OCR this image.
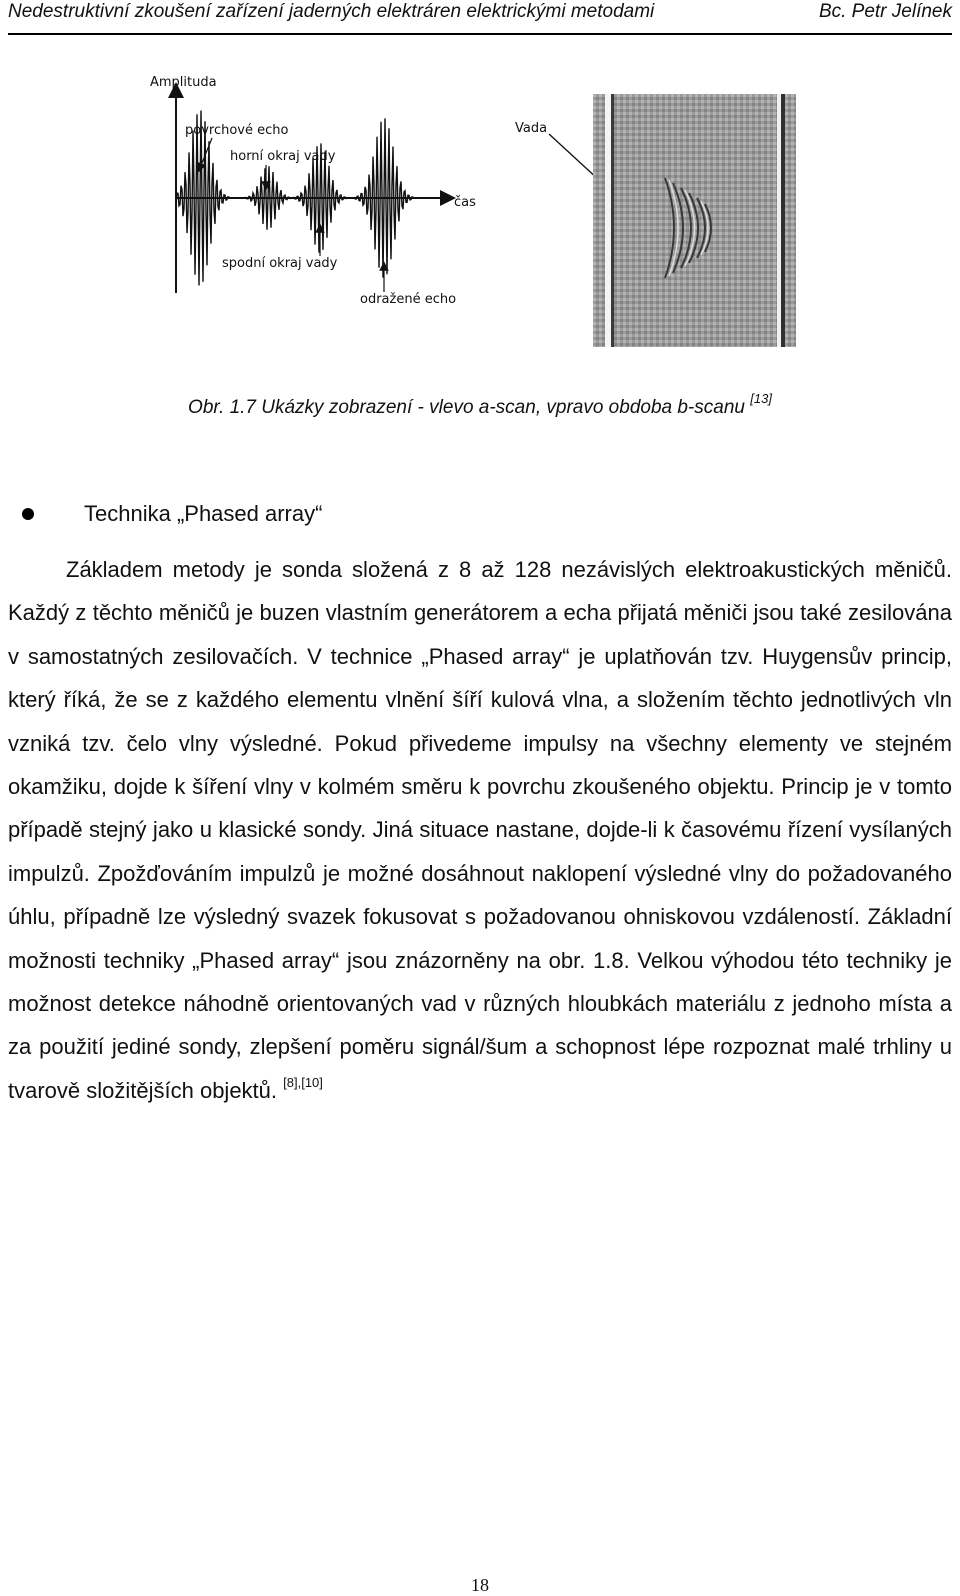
Nedestruktivní zkoušení zařízení jaderných elektráren elektrickými metodami	Bc. Petr Jelínek
Amplituda
povrchové echo
horní okraj vady
čas
spodní okraj vady
odražené echo
Vada
Obr. 1.7 Ukázky zobrazení - vlevo a-scan, vpravo obdoba b-scanu [13]
Technika „Phased array“

Základem metody je sonda složená z 8 až 128 nezávislých elektroakustických měničů. Každý z těchto měničů je buzen vlastním generátorem a echa přijatá měniči jsou také zesilována v samostatných zesilovačích. V technice „Phased array“ je uplatňován tzv. Huygensův princip, který říká, že se z každého elementu vlnění šíří kulová vlna, a složením těchto jednotlivých vln vzniká tzv. čelo vlny výsledné. Pokud přivedeme impulsy na všechny elementy ve stejném okamžiku, dojde k šíření vlny v kolmém směru k povrchu zkoušeného objektu. Princip je v tomto případě stejný jako u klasické sondy. Jiná situace nastane, dojde-li k časovému řízení vysílaných impulzů. Zpožďováním impulzů je možné dosáhnout naklopení výsledné vlny do požadovaného úhlu, případně lze výsledný svazek fokusovat s požadovanou ohniskovou vzdáleností. Základní možnosti techniky „Phased array“ jsou znázorněny na obr. 1.8. Velkou výhodou této techniky je možnost detekce náhodně orientovaných vad v různých hloubkách materiálu z jednoho místa a za použití jediné sondy, zlepšení poměru signál/šum a schopnost lépe rozpoznat malé trhliny u tvarově složitějších objektů. [8],[10]

18
